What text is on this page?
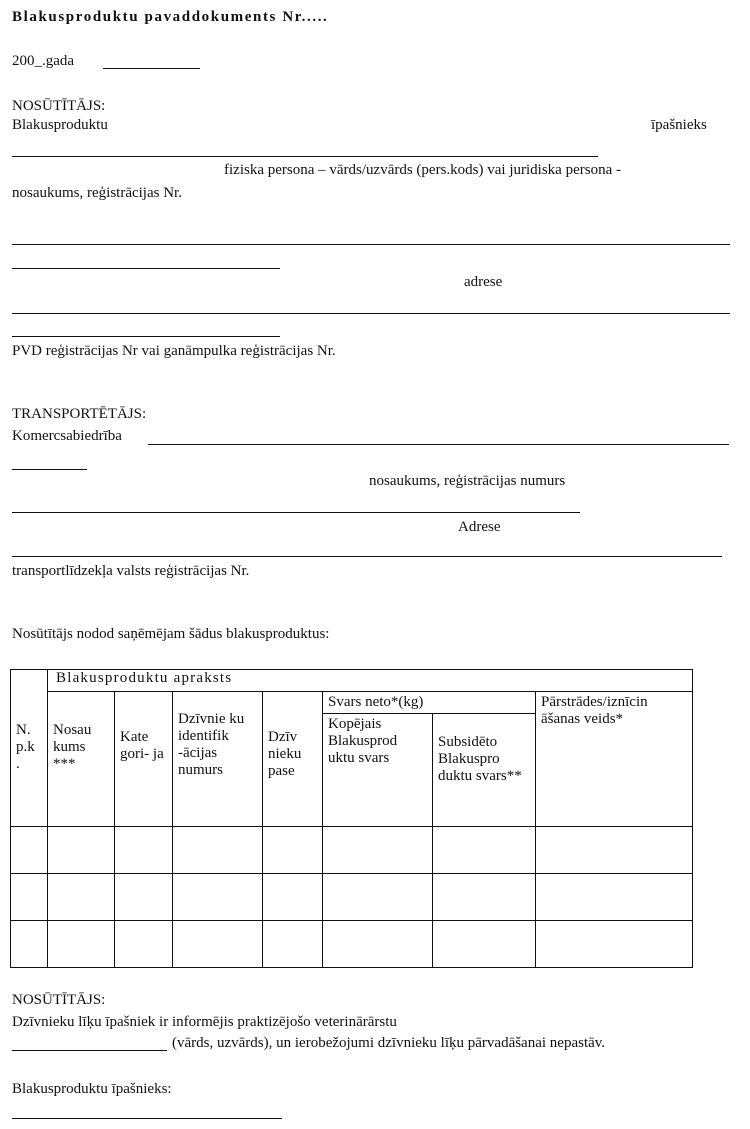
Blakusproduktu pavaddokuments Nr.....
200_.gada
NOSŪTĪTĀJS:
Blakusproduktu	īpašnieks
fiziska persona – vārds/uzvārds (pers.kods) vai juridiska persona -
nosaukums, reģistrācijas Nr.
adrese
PVD reģistrācijas Nr vai ganāmpulka reģistrācijas Nr.
TRANSPORTĒTĀJS:
Komercsabiedrība
nosaukums, reģistrācijas numurs
Adrese
transportlīdzekļa valsts reģistrācijas Nr.
Nosūtītājs nodod saņēmējam šādus blakusproduktus:
N. p.k .	Blakusprodukt​u apraksts						
	Nosau kums ***	Kate gori- ja	Dzīvnie ku identifik -ācijas numurs	Dzīv nieku pase	Svars neto*(kg)		Pārstrādes/iznīcin āšanas veids*
					Kopējais Blakusprod uktu svars	Subsidēto Blakuspro duktu svars**	

NOSŪTĪTĀJS:
Dzīvnieku līķu īpašniek ir informējis praktizējošo veterinārārstu
(vārds, uzvārds), un ierobežojumi dzīvnieku līķu pārvadāšanai nepastāv.
Blakusproduktu īpašnieks:
